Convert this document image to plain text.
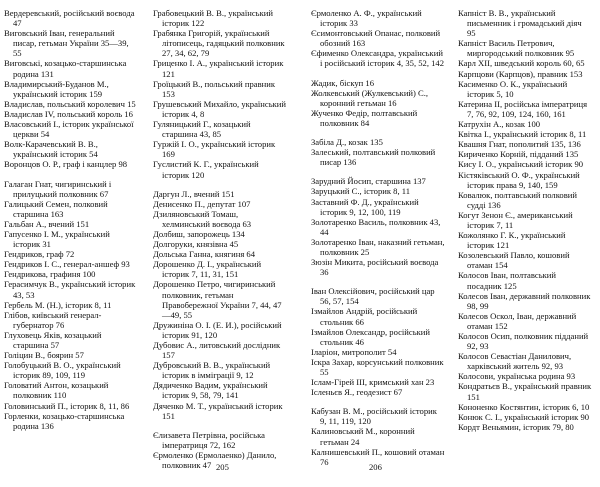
Вердеревський, російський воєвода 47

Виговський Іван, генеральний писар, гетьман України 35—39, 55

Виговські, козацько-старшинська родина 131

Владимирський-Буданов М., український історик 159

Владислав, польський королевич 15

Владислав IV, польський король 16

Власовський І., історик української церкви 54

Волк-Карачевський В. В., український історик 54

Воронцов О. Р., граф і канцлер 98

Галаган Гнат, чигиринський і прилуцький полковник 67

Галицький Семен, полковий старшина 163

Гальбан А., вчений 151

Гапусенко І. М., український історик 31

Гендриков, граф 72

Гендриков І. С., генерал-аншеф 93

Гендрикова, графиня 100

Герасимчук В., український історик 43, 53

Гербель М. (Н.), історик 8, 11

Глібов, київський генерал-губернатор 76

Глуховець Яків, козацький старшина 57

Голіцин В., боярин 57

Голобуцький В. О., український історик 89, 109, 119

Головатий Антон, козацький полковник 110

Головинський П., історик 8, 11, 86

Горленки, козацько-старшинська родина 136

Грабовецький В. В., український історик 122

Грабянка Григорій, український літописець, гадяцький полковник 27, 34, 62, 79

Гриценко І. А., український історик 121

Гроїцький В., польський правник 153

Грушевський Михайло, український історик 4, 8

Гуляницький Г., козацький старшина 43, 85

Гуржій І. О., український історик 169

Гуслистий К. Г., український історик 120

Даргун Л., вчений 151

Денисенко П., депутат 107

Дзиляновський Томаш, хелминський воєвода 63

Долбиш, запорожець 134

Долгоруки, князівна 45

Дольська Ганна, княгиня 64

Дорошенко Д. І., український історик 7, 11, 31, 151

Дорошенко Петро, чигиринський полковник, гетьман Правобережної України 7, 44, 47—49, 55

Дружиніна О. І. (Е. И.), російський історик 91, 120

Дубовис А., литовський дослідник 157

Дубровський В. В., український історик в імміграції 9, 12

Дядиченко Вадим, український історик 9, 58, 79, 141

Дяченко М. Т., український історик 151

Єлизавета Петрівна, російська імператриця 72, 162

Єрмоленко (Ермолаенко) Данило, полковник 47

Єрмоленко А. Ф., український історик 33

Єсимонтовський Опанас, полковий обозний 163

Єфименко Олександра, український і російський історик 4, 35, 52, 142

Жадик, біскуп 16

Жолкевський (Жулкевський) С., коронний гетьман 16

Жученко Федір, полтавський полковник 84

Забіла Д., козак 135

Залеський, полтавський полковий писар 136

Зарудний Йосип, старшина 137

Заруцький С., історик 8, 11

Заставний Ф. Д., український історик 9, 12, 100, 119

Золотаренко Василь, полковник 43, 44

Золотаренко Іван, наказний гетьман, полковник 25

Зюзін Микита, російський воєвода 36

Іван Олексійович, російський цар 56, 57, 154

Ізмайлов Андрій, російський стольник 66

Ізмайлов Олександр, російський стольник 46

Іларіон, митрополит 54

Іскра Захар, корсунський полковник 55

Іслам-Гірей ІІІ, кримський хан 23

Ісленьєв Я., геодезист 67

Кабузан В. М., російський історик 9, 11, 119, 120

Калиновський М., коронний гетьман 24

Калнишевський П., кошовий отаман 76

Капніст В. В., український письменник і громадський діяч 95

Капніст Василь Петрович, миргородський полковник 95

Карл XII, шведський король 60, 65

Карпцови (Карпцов), правник 153

Касименко О. К., український історик 5, 10

Катерина ІІ, російська імператриця 7, 76, 92, 109, 124, 160, 161

Катрухін А., козак 100

Квітка І., український історик 8, 11

Квашня Гнат, пополитий 135, 136

Кириченко Корній, підданий 135

Кису І. О., український історик 90

Кістяківський О. Ф., український історик права 9, 140, 159

Ковалюк, полтавський полковий судді 136

Когут Зенон Є., американський історик 7, 11

Кожолянко Г. К., український історик 121

Козолевський Павло, кошовий отаман 154

Колосов Іван, полтавський посадник 125

Колесов Іван, державний полковник 98, 99

Колесов Оскол, Іван, державний отаман 152

Колосов Осип, полковник підданий 92, 93

Колосов Севастіан Данилович, харківський житель 92, 93

Колосови, українська родина 93

Кондратьєв В., український правник 151

Кононенко Костянтин, історик 6, 10

Конюк С. І., український історик 90

Кордт Веньямин, історик 79, 80

205	206
